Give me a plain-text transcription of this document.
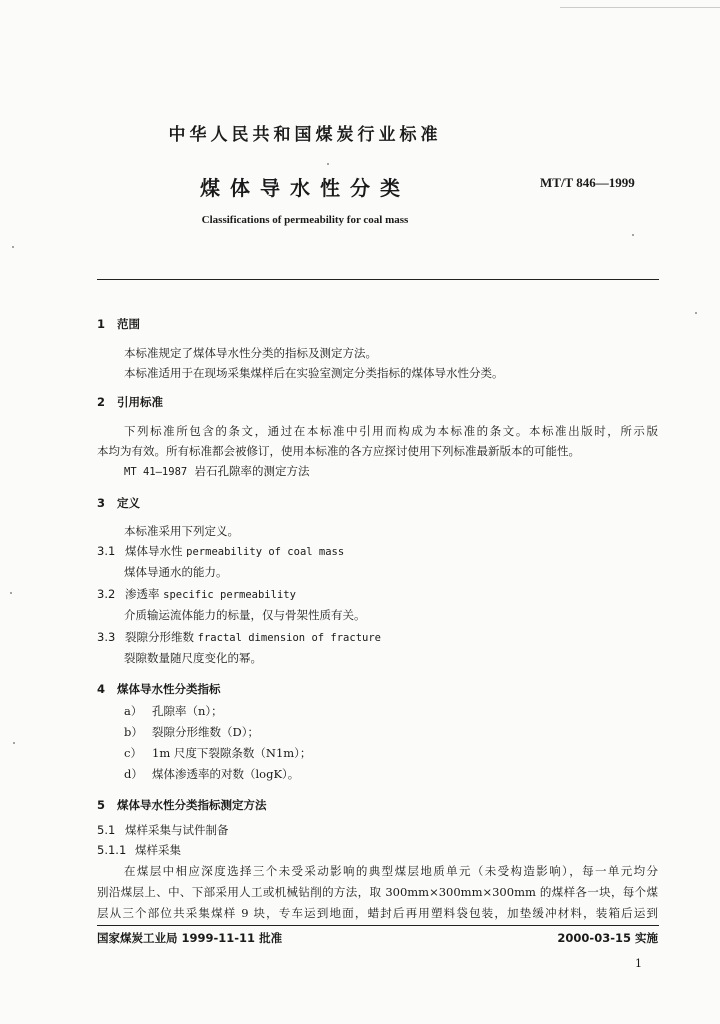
中华人民共和国煤炭行业标准
煤体导水性分类	MT/T 846—1999
Classifications of permeability for coal mass
1 范围
本标准规定了煤体导水性分类的指标及测定方法。
本标准适用于在现场采集煤样后在实验室测定分类指标的煤体导水性分类。
2 引用标准
下列标准所包含的条文，通过在本标准中引用而构成为本标准的条文。本标准出版时，所示版
本均为有效。所有标准都会被修订，使用本标准的各方应探讨使用下列标准最新版本的可能性。
MT 41—1987 岩石孔隙率的测定方法
3 定义
本标准采用下列定义。
3.1 煤体导水性 permeability of coal mass
煤体导通水的能力。
3.2 渗透率 specific permeability
介质输运流体能力的标量，仅与骨架性质有关。
3.3 裂隙分形维数 fractal dimension of fracture
裂隙数量随尺度变化的幂。
4 煤体导水性分类指标
a） 孔隙率（n）；
b） 裂隙分形维数（D）；
c） 1m 尺度下裂隙条数（N1m）；
d） 煤体渗透率的对数（logK）。
5 煤体导水性分类指标测定方法
5.1 煤样采集与试件制备
5.1.1 煤样采集
在煤层中相应深度选择三个未受采动影响的典型煤层地质单元（未受构造影响），每一单元均分
别沿煤层上、中、下部采用人工或机械钻削的方法，取 300mm×300mm×300mm 的煤样各一块，每个煤
层从三个部位共采集煤样 9 块，专车运到地面，蜡封后再用塑料袋包装，加垫缓冲材料，装箱后运到
国家煤炭工业局 1999-11-11 批准	2000-03-15 实施
1
